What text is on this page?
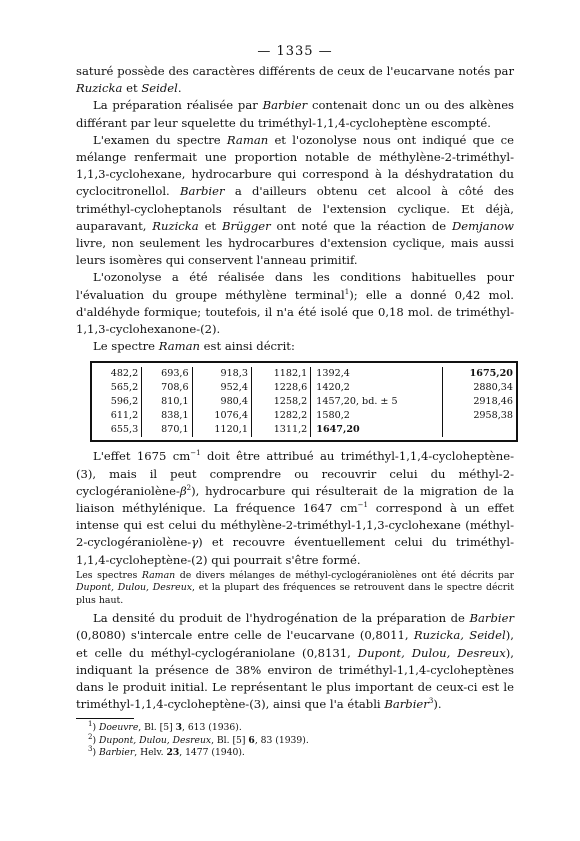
— 1335 —

saturé possède des caractères différents de ceux de l'eucarvane notés par Ruzicka et Seidel.

La préparation réalisée par Barbier contenait donc un ou des alkènes différant par leur squelette du triméthyl-1,1,4-cycloheptène escompté.

L'examen du spectre Raman et l'ozonolyse nous ont indiqué que ce mélange renfermait une proportion notable de méthylène-2-triméthyl-1,1,3-cyclohexane, hydrocarbure qui correspond à la déshydratation du cyclocitronellol. Barbier a d'ailleurs obtenu cet alcool à côté des triméthyl-cycloheptanols résultant de l'extension cyclique. Et déjà, auparavant, Ruzicka et Brügger ont noté que la réaction de Demjanow livre, non seulement les hydrocarbures d'extension cyclique, mais aussi leurs isomères qui conservent l'anneau primitif.

L'ozonolyse a été réalisée dans les conditions habituelles pour l'évaluation du groupe méthylène terminal$^1$); elle a donné 0,42 mol. d'aldéhyde formique; toutefois, il n'a été isolé que 0,18 mol. de triméthyl-1,1,3-cyclohexanone-(2).

Le spectre Raman est ainsi décrit:

482,2	693,6	918,3	1182,1	1392,4	1675,20
565,2	708,6	952,4	1228,6	1420,2	2880,34
596,2	810,1	980,4	1258,2	1457,20, bd. ± 5	2918,46
611,2	838,1	1076,4	1282,2	1580,2	2958,38
655,3	870,1	1120,1	1311,2	1647,20	

L'effet 1675 $cm^{-1}$ doit être attribué au triméthyl-1,1,4-cycloheptène-(3), mais il peut comprendre ou recouvrir celui du méthyl-$2-cyclogéraniolène-\beta^2$), hydrocarbure qui résulterait de la migration de la liaison méthylénique. La fréquence 1647 $cm^{-1}$ correspond à un effet intense qui est celui du méthylène-2-triméthyl-1,1,3-cyclohexane (méthyl-2-cyclogéraniolène-γ) et recouvre éventuellement celui du triméthyl-1,1,4-cycloheptène-(2) qui pourrait s'être formé.

Les spectres Raman de divers mélanges de méthyl-cyclogéraniolènes ont été décrits par Dupont, Dulou, Desreux, et la plupart des fréquences se retrouvent dans le spectre décrit plus haut.

La densité du produit de l'hydrogénation de la préparation de Barbier (0,8080) s'intercale entre celle de l'eucarvane (0,8011, Ruzicka, Seidel), et celle du méthyl-cyclogéraniolane (0,8131, Dupont, Dulou, Desreux), indiquant la présence de 38% environ de triméthyl-1,1,4-cycloheptènes dans le produit initial. Le représentant le plus important de ceux-ci est le triméthyl-1,1,4-cycloheptène-(3), ainsi que l'a établi Barbier$^3$).

$^1$) Doeuvre, Bl. [5] 3, 613 (1936).
$^2$) Dupont, Dulou, Desreux, Bl. [5] 6, 83 (1939).
$^3$) Barbier, Helv. 23, 1477 (1940).
